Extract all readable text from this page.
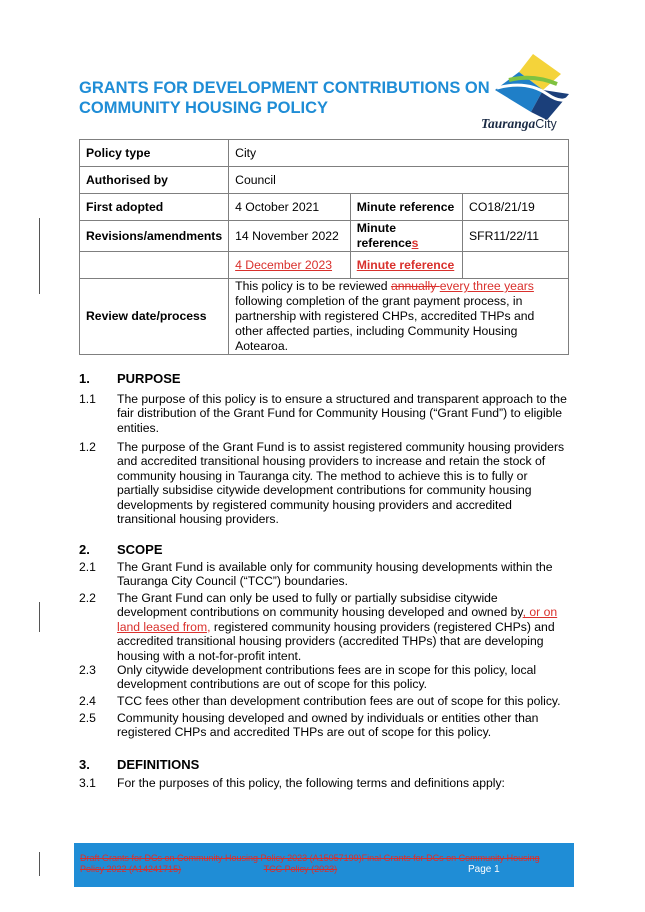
GRANTS FOR DEVELOPMENT CONTRIBUTIONS ON COMMUNITY HOUSING POLICY
TaurangaCity
Policy type	City		
Authorised by	Council		
First adopted	4 October 2021	Minute reference	CO18/21/19
Revisions/amendments	14 November 2022	Minute references	SFR11/22/11
	4 December 2023	Minute reference	
Review date/process	This policy is to be reviewed annually every three years following completion of the grant payment process, in partnership with registered CHPs, accredited THPs and other affected parties, including Community Housing Aotearoa.		
1. PURPOSE
1.1 The purpose of this policy is to ensure a structured and transparent approach to the fair distribution of the Grant Fund for Community Housing (“Grant Fund”) to eligible entities.
1.2 The purpose of the Grant Fund is to assist registered community housing providers and accredited transitional housing providers to increase and retain the stock of community housing in Tauranga city. The method to achieve this is to fully or partially subsidise citywide development contributions for community housing developments by registered community housing providers and accredited transitional housing providers.
2. SCOPE
2.1 The Grant Fund is available only for community housing developments within the Tauranga City Council (“TCC”) boundaries.
2.2 The Grant Fund can only be used to fully or partially subsidise citywide development contributions on community housing developed and owned by, or on land leased from, registered community housing providers (registered CHPs) and accredited transitional housing providers (accredited THPs) that are developing housing with a not-for-profit intent.
2.3 Only citywide development contributions fees are in scope for this policy, local development contributions are out of scope for this policy.
2.4 TCC fees other than development contribution fees are out of scope for this policy.
2.5 Community housing developed and owned by individuals or entities other than registered CHPs and accredited THPs are out of scope for this policy.
3. DEFINITIONS
3.1 For the purposes of this policy, the following terms and definitions apply:
Draft Grants for DCs on Community Housing Policy 2023 (A15057199)Final Grants for DCs on Community Housing Policy 2022 (A14241715)	TCC Policy (2023)	Page 1
